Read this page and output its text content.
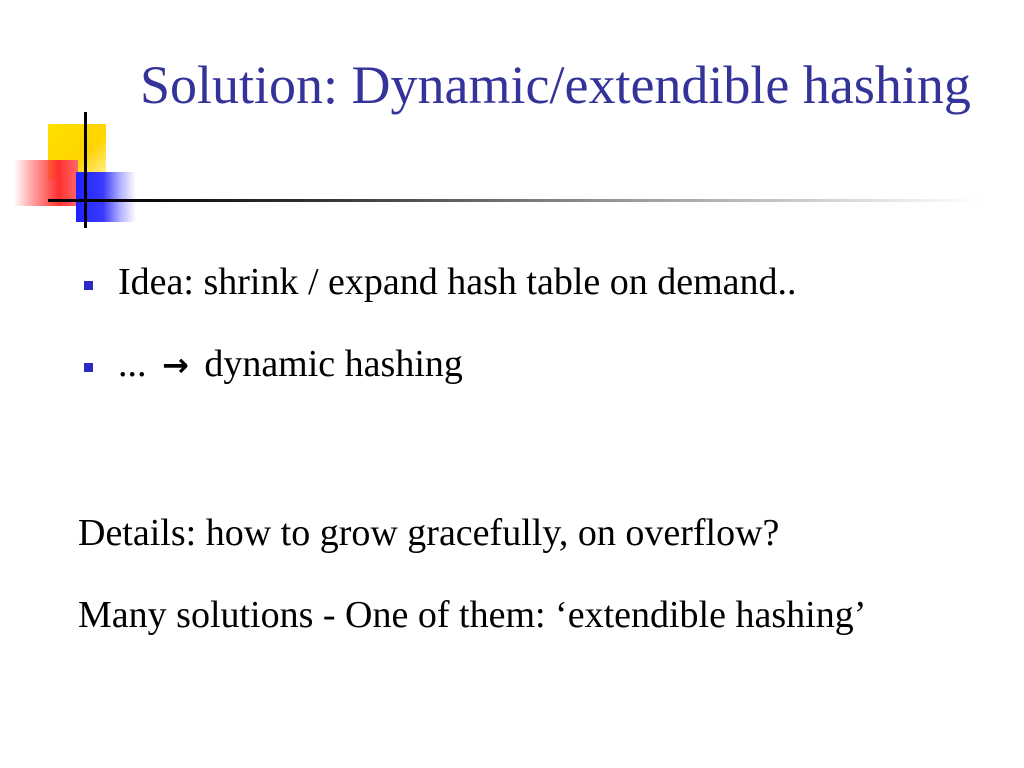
Solution: Dynamic/extendible hashing
Idea: shrink / expand hash table on demand..
... → dynamic hashing

Details: how to grow gracefully, on overflow?

Many solutions - One of them: ‘extendible hashing’
